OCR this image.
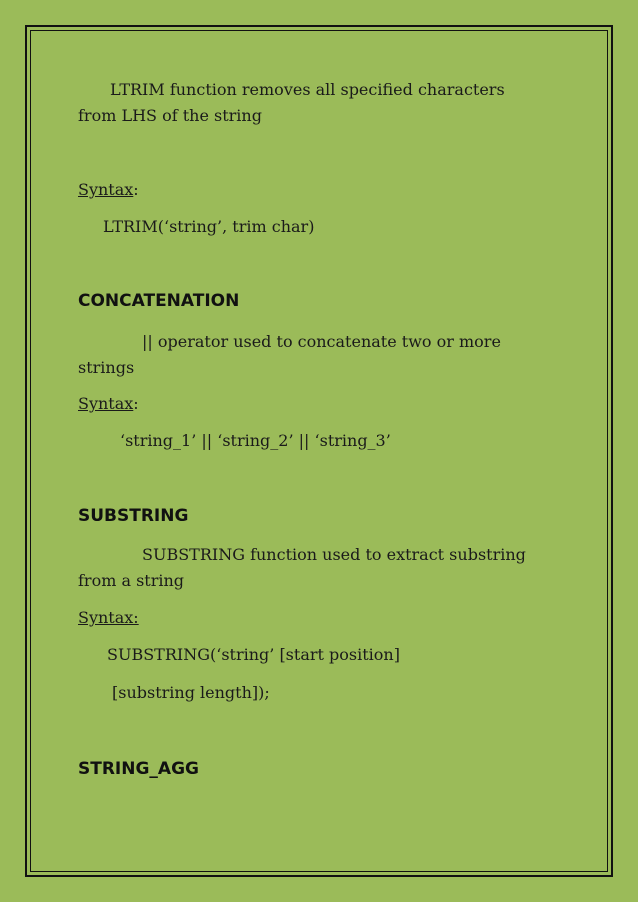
LTRIM function removes all specified characters
from LHS of the string
Syntax:
LTRIM(‘string’, trim char)
CONCATENATION
|| operator used to concatenate two or more
strings
Syntax:
‘string_1’ || ‘string_2’ || ‘string_3’
SUBSTRING
SUBSTRING function used to extract substring
from a string
Syntax:
SUBSTRING(‘string’ [start position]
[substring length]);
STRING_AGG
